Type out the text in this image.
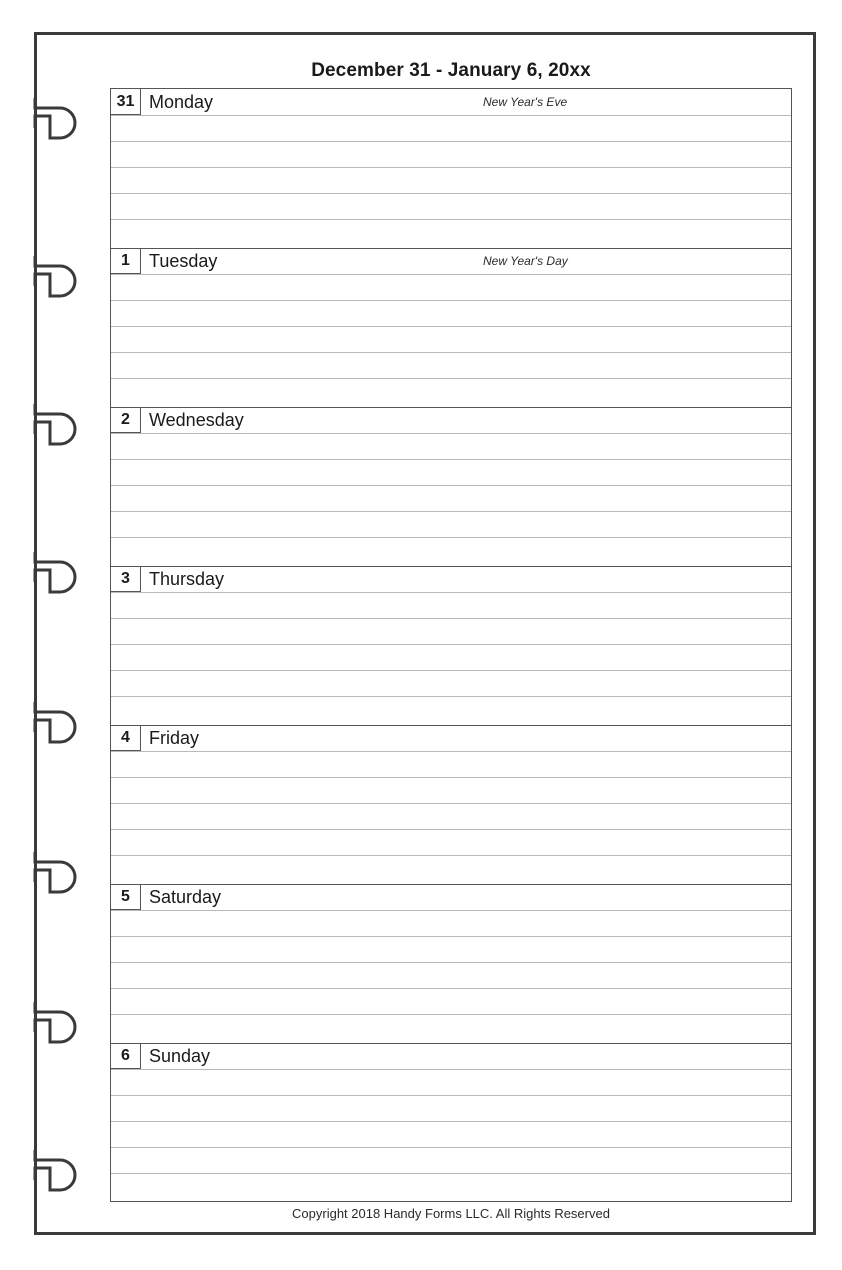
December 31 - January 6, 20xx
31 Monday	New Year's Eve
1	Tuesday	New Year's Day
2	Wednesday
3	Thursday
4	Friday
5	Saturday
6	Sunday
Copyright 2018 Handy Forms LLC. All Rights Reserved
